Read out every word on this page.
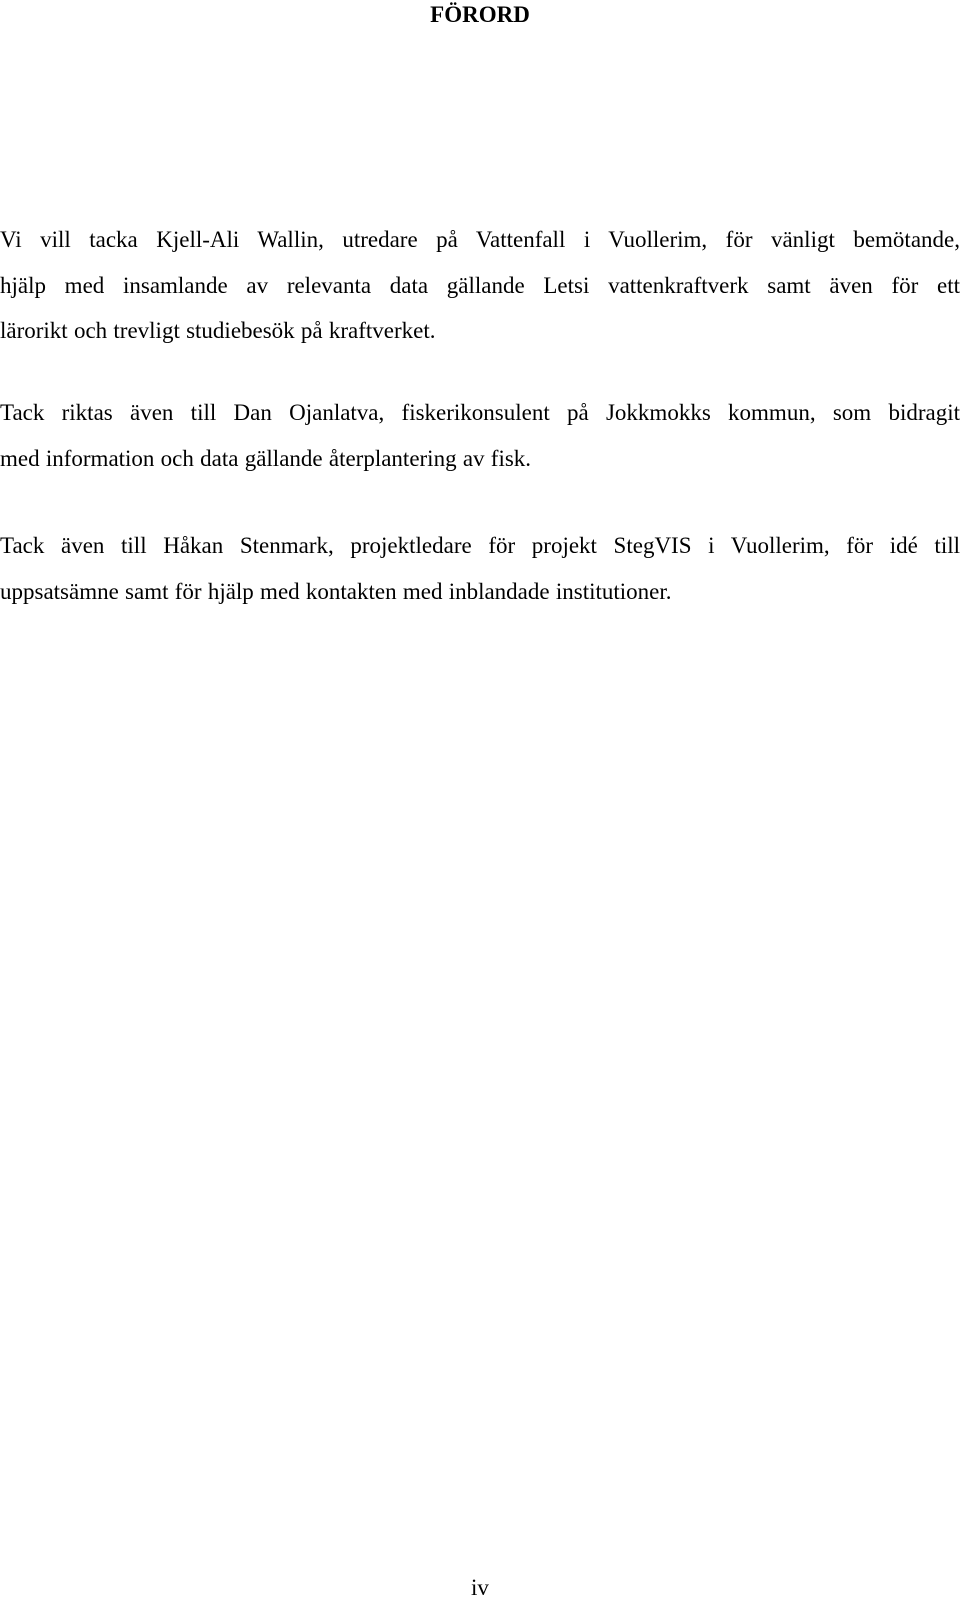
FÖRORD
Vi vill tacka Kjell-Ali Wallin, utredare på Vattenfall i Vuollerim, för vänligt bemötande,
hjälp med insamlande av relevanta data gällande Letsi vattenkraftverk samt även för ett
lärorikt och trevligt studiebesök på kraftverket.
Tack riktas även till Dan Ojanlatva, fiskerikonsulent på Jokkmokks kommun, som bidragit
med information och data gällande återplantering av fisk.
Tack även till Håkan Stenmark, projektledare för projekt StegVIS i Vuollerim, för idé till
uppsatsämne samt för hjälp med kontakten med inblandade institutioner.
iv
